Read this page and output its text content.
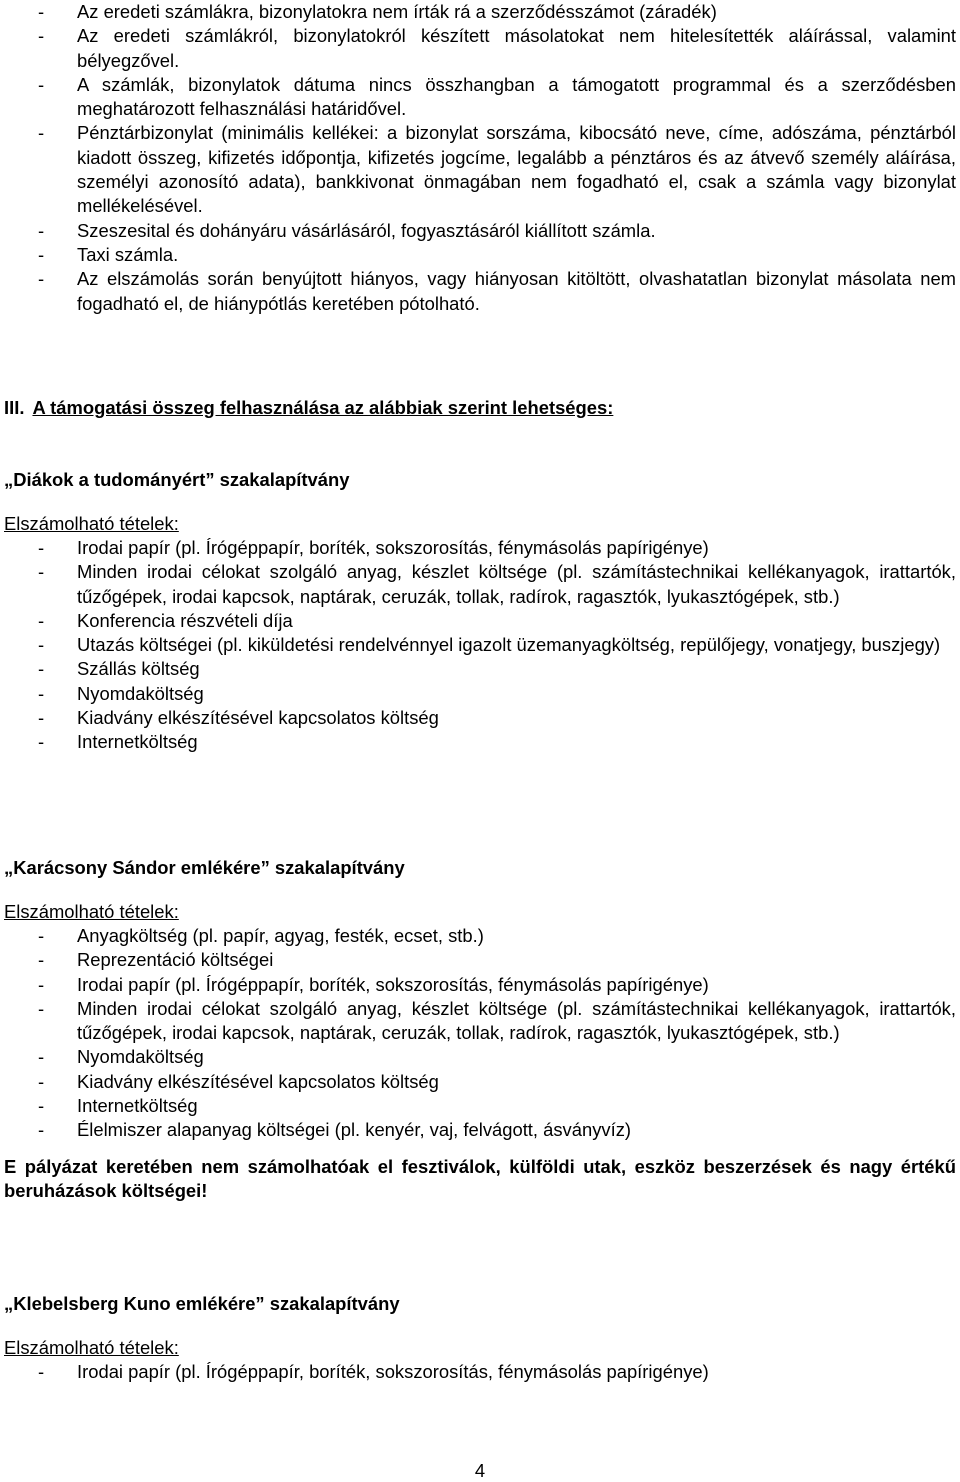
- Az eredeti számlákra, bizonylatokra nem írták rá a szerződésszámot (záradék)
- Az eredeti számlákról, bizonylatokról készített másolatokat nem hitelesítették aláírással, valamint bélyegzővel.
- A számlák, bizonylatok dátuma nincs összhangban a támogatott programmal és a szerződésben meghatározott felhasználási határidővel.
- Pénztárbizonylat (minimális kellékei: a bizonylat sorszáma, kibocsátó neve, címe, adószáma, pénztárból kiadott összeg, kifizetés időpontja, kifizetés jogcíme, legalább a pénztáros és az átvevő személy aláírása, személyi azonosító adata), bankkivonat önmagában nem fogadható el, csak a számla vagy bizonylat mellékelésével.
- Szeszesital és dohányáru vásárlásáról, fogyasztásáról kiállított számla.
- Taxi számla.
- Az elszámolás során benyújtott hiányos, vagy hiányosan kitöltött, olvashatatlan bizonylat másolata nem fogadható el, de hiánypótlás keretében pótolható.
III. A támogatási összeg felhasználása az alábbiak szerint lehetséges:
„Diákok a tudományért” szakalapítvány
Elszámolható tételek:
- Irodai papír (pl. Írógéppapír, boríték, sokszorosítás, fénymásolás papírigénye)
- Minden irodai célokat szolgáló anyag, készlet költsége (pl. számítástechnikai kellékanyagok, irattartók, tűzőgépek, irodai kapcsok, naptárak, ceruzák, tollak, radírok, ragasztók, lyukasztógépek, stb.)
- Konferencia részvételi díja
- Utazás költségei (pl. kiküldetési rendelvénnyel igazolt üzemanyagköltség, repülőjegy, vonatjegy, buszjegy)
- Szállás költség
- Nyomdaköltség
- Kiadvány elkészítésével kapcsolatos költség
- Internetköltség
„Karácsony Sándor emlékére” szakalapítvány
Elszámolható tételek:
- Anyagköltség (pl. papír, agyag, festék, ecset, stb.)
- Reprezentáció költségei
- Irodai papír (pl. Írógéppapír, boríték, sokszorosítás, fénymásolás papírigénye)
- Minden irodai célokat szolgáló anyag, készlet költsége (pl. számítástechnikai kellékanyagok, irattartók, tűzőgépek, irodai kapcsok, naptárak, ceruzák, tollak, radírok, ragasztók, lyukasztógépek, stb.)
- Nyomdaköltség
- Kiadvány elkészítésével kapcsolatos költség
- Internetköltség
- Élelmiszer alapanyag költségei (pl. kenyér, vaj, felvágott, ásványvíz)
E pályázat keretében nem számolhatóak el fesztiválok, külföldi utak, eszköz beszerzések és nagy értékű beruházások költségei!
„Klebelsberg Kuno emlékére” szakalapítvány
Elszámolható tételek:
- Irodai papír (pl. Írógéppapír, boríték, sokszorosítás, fénymásolás papírigénye)
4
